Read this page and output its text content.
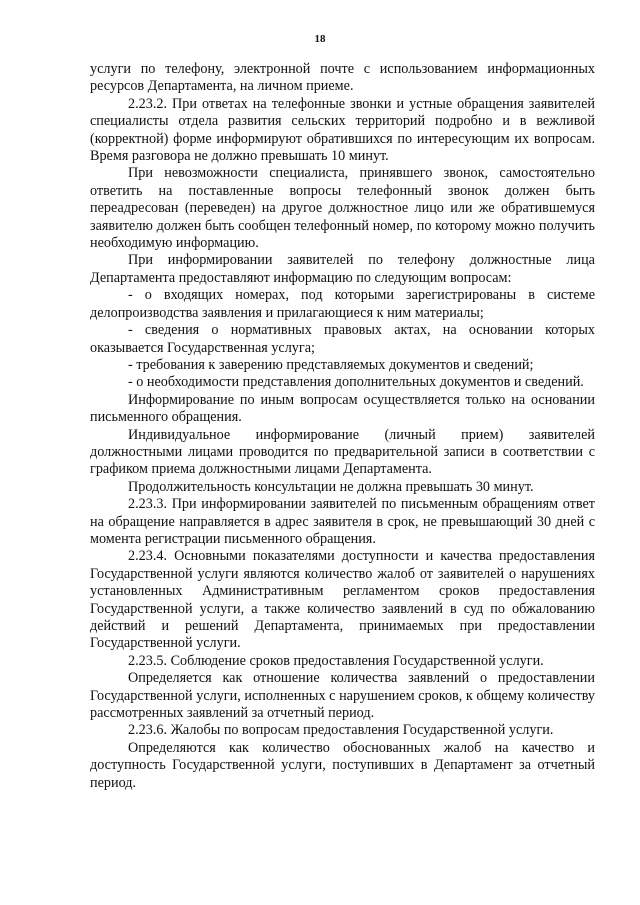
18

услуги по телефону, электронной почте с использованием информационных ресурсов Департамента, на личном приеме.

2.23.2. При ответах на телефонные звонки и устные обращения заявителей специалисты отдела развития сельских территорий подробно и в вежливой (корректной) форме информируют обратившихся по интересующим их вопросам. Время разговора не должно превышать 10 минут.

При невозможности специалиста, принявшего звонок, самостоятельно ответить на поставленные вопросы телефонный звонок должен быть переадресован (переведен) на другое должностное лицо или же обратившемуся заявителю должен быть сообщен телефонный номер, по которому можно получить необходимую информацию.

При информировании заявителей по телефону должностные лица Департамента предоставляют информацию по следующим вопросам:

- о входящих номерах, под которыми зарегистрированы в системе делопроизводства заявления и прилагающиеся к ним материалы;

- сведения о нормативных правовых актах, на основании которых оказывается Государственная услуга;

- требования к заверению представляемых документов и сведений;

- о необходимости представления дополнительных документов и сведений.

Информирование по иным вопросам осуществляется только на основании письменного обращения.

Индивидуальное информирование (личный прием) заявителей должностными лицами проводится по предварительной записи в соответствии с графиком приема должностными лицами Департамента.

Продолжительность консультации не должна превышать 30 минут.

2.23.3. При информировании заявителей по письменным обращениям ответ на обращение направляется в адрес заявителя в срок, не превышающий 30 дней с момента регистрации письменного обращения.

2.23.4. Основными показателями доступности и качества предоставления Государственной услуги являются количество жалоб от заявителей о нарушениях установленных Административным регламентом сроков предоставления Государственной услуги, а также количество заявлений в суд по обжалованию действий и решений Департамента, принимаемых при предоставлении Государственной услуги.

2.23.5. Соблюдение сроков предоставления Государственной услуги.

Определяется как отношение количества заявлений о предоставлении Государственной услуги, исполненных с нарушением сроков, к общему количеству рассмотренных заявлений за отчетный период.

2.23.6. Жалобы по вопросам предоставления Государственной услуги.

Определяются как количество обоснованных жалоб на качество и доступность Государственной услуги, поступивших в Департамент за отчетный период.
